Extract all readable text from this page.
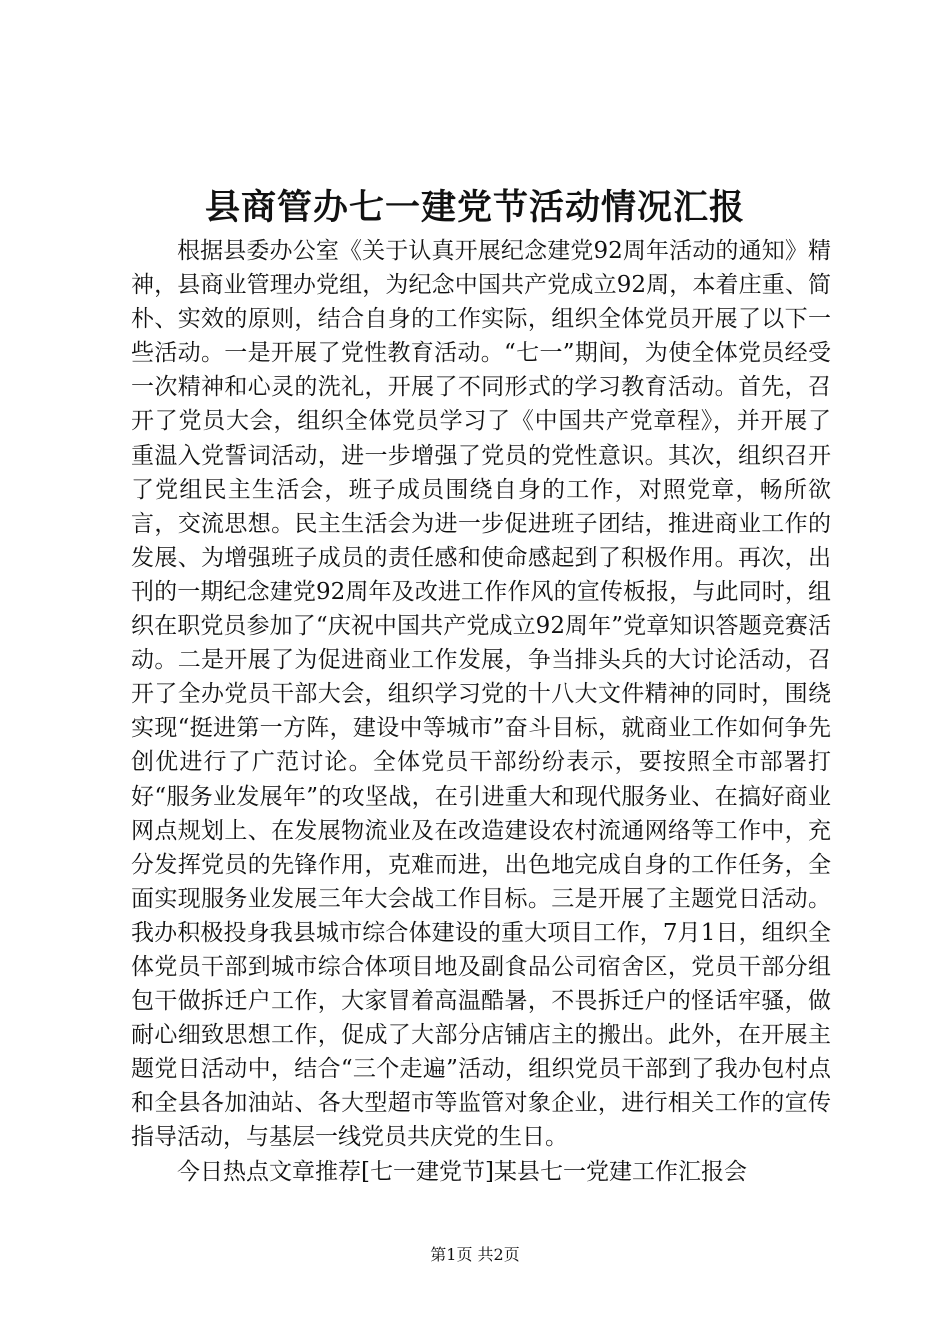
县商管办七一建党节活动情况汇报

根据县委办公室《关于认真开展纪念建党92周年活动的通知》精神，县商业管理办党组，为纪念中国共产党成立92周，本着庄重、简朴、实效的原则，结合自身的工作实际，组织全体党员开展了以下一些活动。一是开展了党性教育活动。“七一”期间，为使全体党员经受一次精神和心灵的洗礼，开展了不同形式的学习教育活动。首先，召开了党员大会，组织全体党员学习了《中国共产党章程》，并开展了重温入党誓词活动，进一步增强了党员的党性意识。其次，组织召开了党组民主生活会，班子成员围绕自身的工作，对照党章，畅所欲言，交流思想。民主生活会为进一步促进班子团结，推进商业工作的发展、为增强班子成员的责任感和使命感起到了积极作用。再次，出刊的一期纪念建党92周年及改进工作作风的宣传板报，与此同时，组织在职党员参加了“庆祝中国共产党成立92周年”党章知识答题竞赛活动。二是开展了为促进商业工作发展，争当排头兵的大讨论活动，召开了全办党员干部大会，组织学习党的十八大文件精神的同时，围绕实现“挺进第一方阵，建设中等城市”奋斗目标，就商业工作如何争先创优进行了广范讨论。全体党员干部纷纷表示，要按照全市部署打好“服务业发展年”的攻坚战，在引进重大和现代服务业、在搞好商业网点规划上、在发展物流业及在改造建设农村流通网络等工作中，充分发挥党员的先锋作用，克难而进，出色地完成自身的工作任务，全面实现服务业发展三年大会战工作目标。三是开展了主题党日活动。我办积极投身我县城市综合体建设的重大项目工作，7月1日，组织全体党员干部到城市综合体项目地及副食品公司宿舍区，党员干部分组包干做拆迁户工作，大家冒着高温酷暑，不畏拆迁户的怪话牢骚，做耐心细致思想工作，促成了大部分店铺店主的搬出。此外，在开展主题党日活动中，结合“三个走遍”活动，组织党员干部到了我办包村点和全县各加油站、各大型超市等监管对象企业，进行相关工作的宣传指导活动，与基层一线党员共庆党的生日。

今日热点文章推荐[七一建党节]某县七一党建工作汇报会

第1页 共2页
